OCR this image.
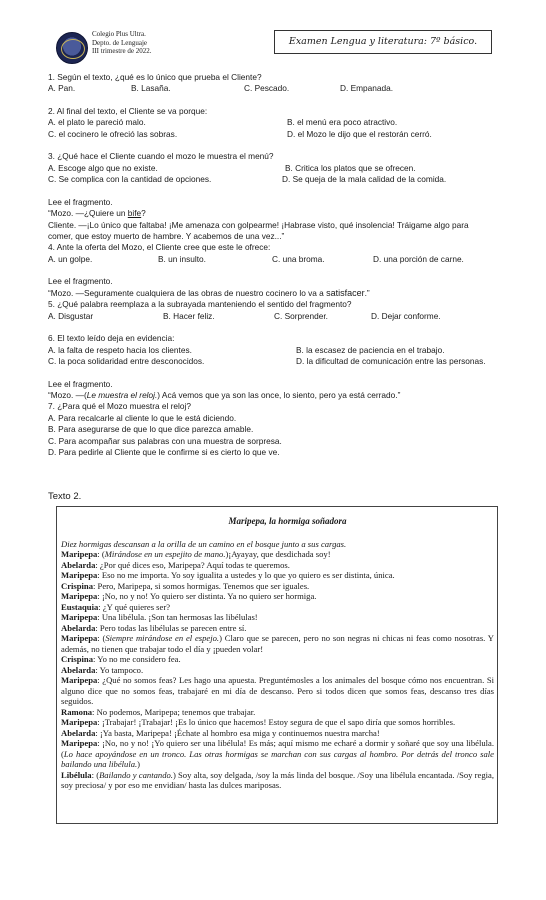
Colegio Plus Ultra.
Depto. de Lenguaje
III trimestre de 2022.
Examen Lengua y literatura: 7º básico.
1. Según el texto, ¿qué es lo único que prueba el Cliente?
A. Pan.	B. Lasaña.	C. Pescado.	D. Empanada.
2. Al final del texto, el Cliente se va porque:
A. el plato le pareció malo.	B. el menú era poco atractivo.
C. el cocinero le ofreció las sobras.	D. el Mozo le dijo que el restorán cerró.
3. ¿Qué hace el Cliente cuando el mozo le muestra el menú?
A. Escoge algo que no existe.	B. Critica los platos que se ofrecen.
C. Se complica con la cantidad de opciones.	D. Se queja de la mala calidad de la comida.
Lee el fragmento.
“Mozo. —¿Quiere un bife?
Cliente. —¡Lo único que faltaba! ¡Me amenaza con golpearme! ¡Habrase visto, qué insolencia! Tráigame algo para
comer, que estoy muerto de hambre. Y acabemos de una vez...”
4. Ante la oferta del Mozo, el Cliente cree que este le ofrece:
A. un golpe.	B. un insulto.	C. una broma.	D. una porción de carne.
Lee el fragmento.
“Mozo. —Seguramente cualquiera de las obras de nuestro cocinero lo va a satisfacer.”
5. ¿Qué palabra reemplaza a la subrayada manteniendo el sentido del fragmento?
A. Disgustar	B. Hacer feliz.	C. Sorprender.	D. Dejar conforme.
6. El texto leído deja en evidencia:
A. la falta de respeto hacia los clientes.	B. la escasez de paciencia en el trabajo.
C. la poca solidaridad entre desconocidos.	D. la dificultad de comunicación entre las personas.
Lee el fragmento.
“Mozo. —(Le muestra el reloj.) Acá vemos que ya son las once, lo siento, pero ya está cerrado.”
7. ¿Para qué el Mozo muestra el reloj?
A. Para recalcarle al cliente lo que le está diciendo.
B. Para asegurarse de que lo que dice parezca amable.
C. Para acompañar sus palabras con una muestra de sorpresa.
D. Para pedirle al Cliente que le confirme si es cierto lo que ve.
Texto 2.
Maripepa, la hormiga soñadora

Diez hormigas descansan a la orilla de un camino en el bosque junto a sus cargas.

Maripepa: (Mirándose en un espejito de mano.)¡Ayayay, que desdichada soy!

Abelarda: ¿Por qué dices eso, Maripepa? Aquí todas te queremos.

Maripepa: Eso no me importa. Yo soy igualita a ustedes y lo que yo quiero es ser distinta, única.

Crispina: Pero, Maripepa, si somos hormigas. Tenemos que ser iguales.

Maripepa: ¡No, no y no! Yo quiero ser distinta. Ya no quiero ser hormiga.

Eustaquia: ¿Y qué quieres ser?

Maripepa: Una libélula. ¡Son tan hermosas las libélulas!

Abelarda: Pero todas las libélulas se parecen entre sí.

Maripepa: (Siempre mirándose en el espejo.) Claro que se parecen, pero no son negras ni chicas ni feas como nosotras. Y además, no tienen que trabajar todo el día y ¡pueden volar!

Crispina: Yo no me considero fea.

Abelarda: Yo tampoco.

Maripepa: ¿Qué no somos feas? Les hago una apuesta. Preguntémosles a los animales del bosque cómo nos encuentran. Si alguno dice que no somos feas, trabajaré en mi día de descanso. Pero si todos dicen que somos feas, descanso tres días seguidos.

Ramona: No podemos, Maripepa; tenemos que trabajar.

Maripepa: ¡Trabajar! ¡Trabajar! ¡Es lo único que hacemos! Estoy segura de que el sapo diría que somos horribles.

Abelarda: ¡Ya basta, Maripepa! ¡Échate al hombro esa miga y continuemos nuestra marcha!

Maripepa: ¡No, no y no! ¡Yo quiero ser una libélula! Es más; aquí mismo me echaré a dormir y soñaré que soy una libélula. (Lo hace apoyándose en un tronco. Las otras hormigas se marchan con sus cargas al hombro. Por detrás del tronco sale bailando una libélula.)

Libélula: (Bailando y cantando.) Soy alta, soy delgada, /soy la más linda del bosque. /Soy una libélula encantada. /Soy regia, soy preciosa/ y por eso me envidian/ hasta las dulces mariposas.
